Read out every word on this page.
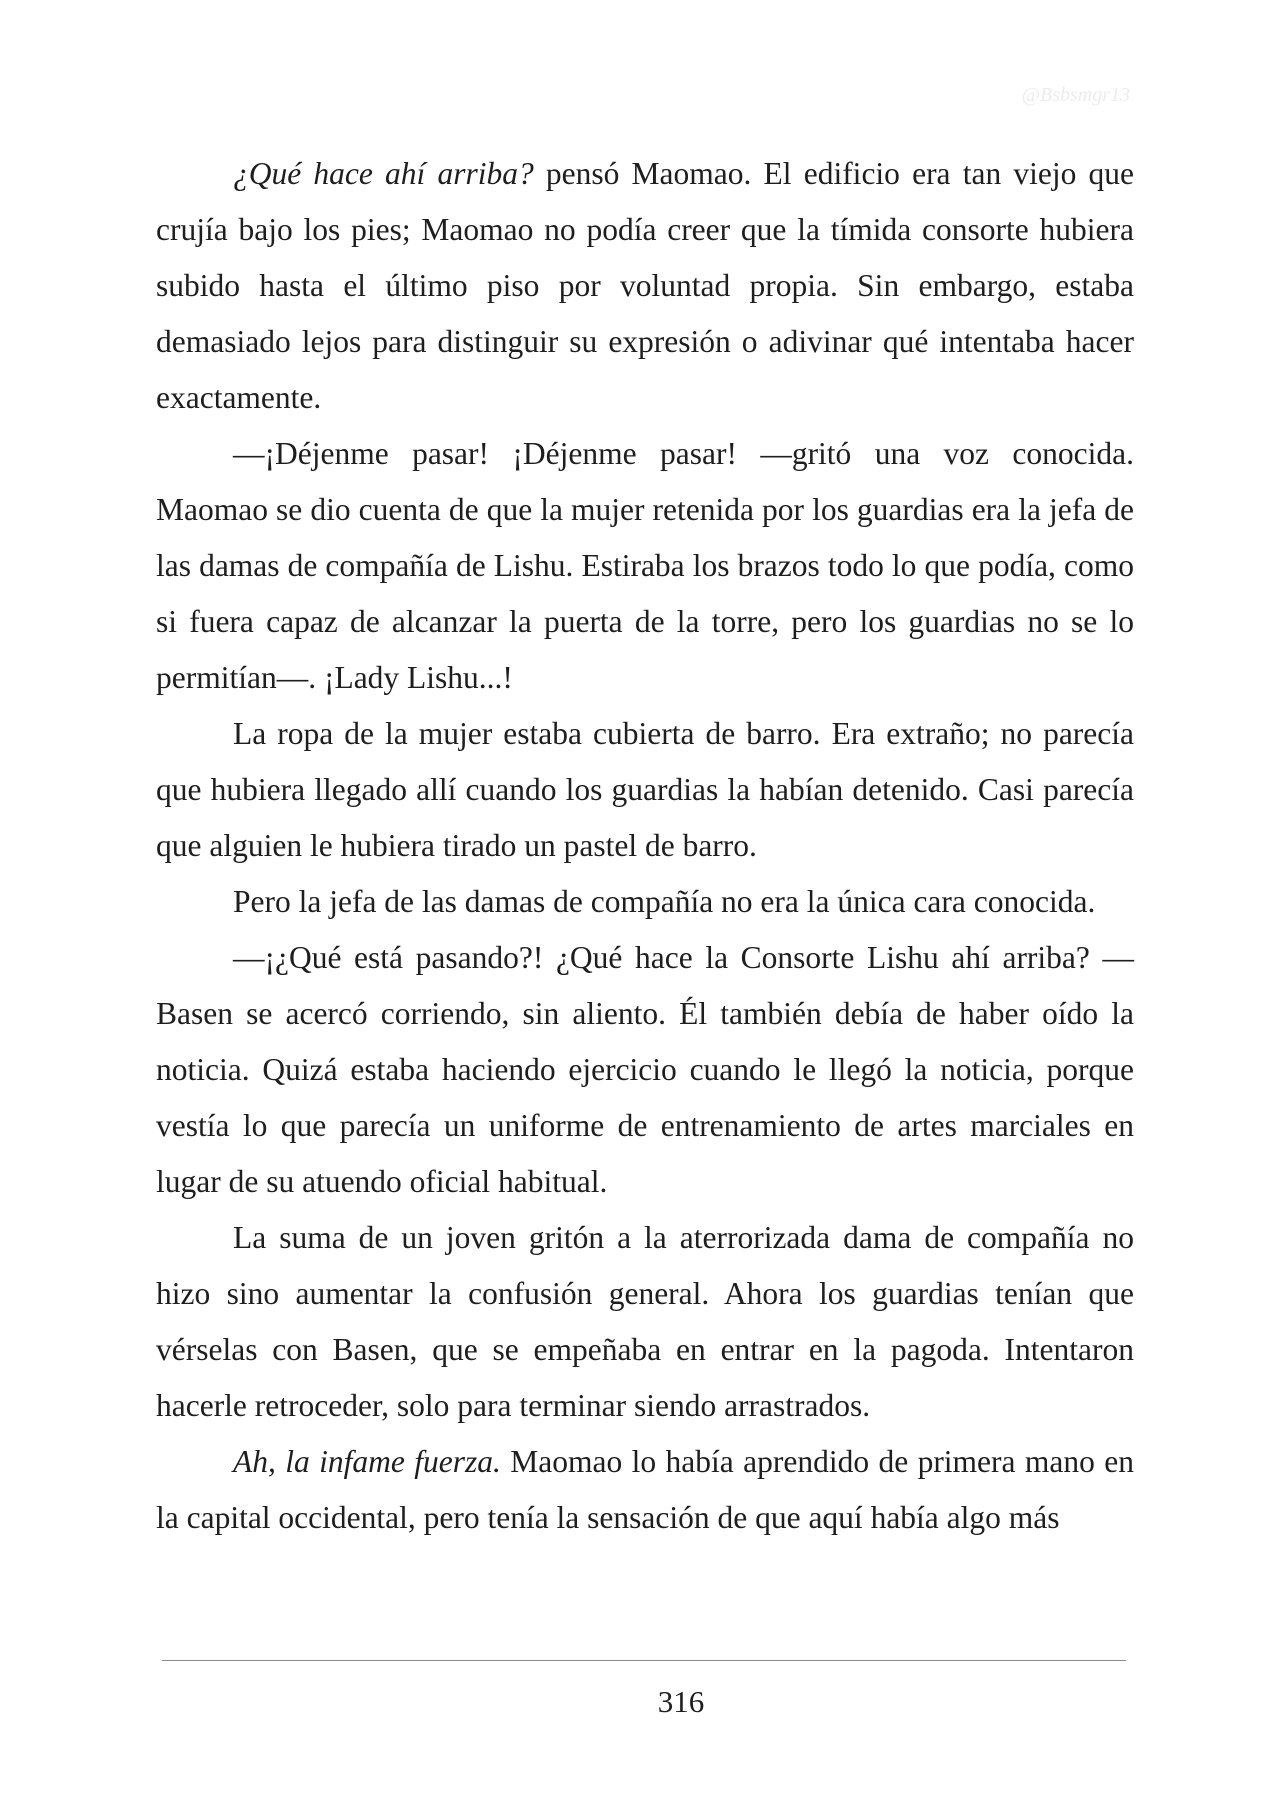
@Bsbsmgr13

¿Qué hace ahí arriba? pensó Maomao. El edificio era tan viejo que crujía bajo los pies; Maomao no podía creer que la tímida consorte hubiera subido hasta el último piso por voluntad propia. Sin embargo, estaba demasiado lejos para distinguir su expresión o adivinar qué intentaba hacer exactamente.

—¡Déjenme pasar! ¡Déjenme pasar! —gritó una voz conocida. Maomao se dio cuenta de que la mujer retenida por los guardias era la jefa de las damas de compañía de Lishu. Estiraba los brazos todo lo que podía, como si fuera capaz de alcanzar la puerta de la torre, pero los guardias no se lo permitían—. ¡Lady Lishu...!

La ropa de la mujer estaba cubierta de barro. Era extraño; no parecía que hubiera llegado allí cuando los guardias la habían detenido. Casi parecía que alguien le hubiera tirado un pastel de barro.

Pero la jefa de las damas de compañía no era la única cara conocida.

—¡¿Qué está pasando?! ¿Qué hace la Consorte Lishu ahí arriba? —Basen se acercó corriendo, sin aliento. Él también debía de haber oído la noticia. Quizá estaba haciendo ejercicio cuando le llegó la noticia, porque vestía lo que parecía un uniforme de entrenamiento de artes marciales en lugar de su atuendo oficial habitual.

La suma de un joven gritón a la aterrorizada dama de compañía no hizo sino aumentar la confusión general. Ahora los guardias tenían que vérselas con Basen, que se empeñaba en entrar en la pagoda. Intentaron hacerle retroceder, solo para terminar siendo arrastrados.

Ah, la infame fuerza. Maomao lo había aprendido de primera mano en la capital occidental, pero tenía la sensación de que aquí había algo más

316
